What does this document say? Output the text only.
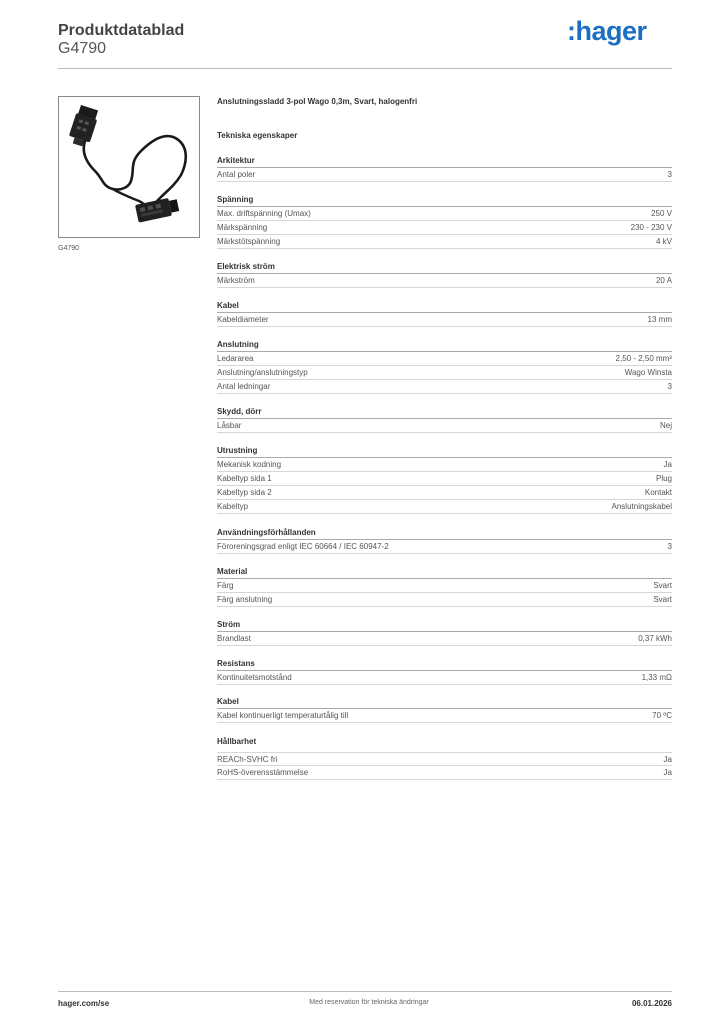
Produktdatablad
G4790
:hager
G4790
Anslutningssladd 3-pol Wago 0,3m, Svart, halogenfri
Tekniska egenskaper
Arkitektur
Antal poler	3
Spänning
Max. driftspänning (Umax)	250 V
Märkspänning	230 - 230 V
Märkstötspänning	4 kV
Elektrisk ström
Märkström	20 A
Kabel
Kabeldiameter	13 mm
Anslutning
Ledararea	2,50 - 2,50 mm²
Anslutning/anslutningstyp	Wago Winsta
Antal ledningar	3
Skydd, dörr
Låsbar	Nej
Utrustning
Mekanisk kodning	Ja
Kabeltyp sida 1	Plug
Kabeltyp sida 2	Kontakt
Kabeltyp	Anslutningskabel
Användningsförhållanden
Föroreningsgrad enligt IEC 60664 / IEC 60947-2	3
Material
Färg	Svart
Färg anslutning	Svart
Ström
Brandlast	0,37 kWh
Resistans
Kontinuitetsmotstånd	1,33 mΩ
Kabel
Kabel kontinuerligt temperaturtålig till	70 ºC
Hållbarhet
REACh-SVHC fri	Ja
RoHS-överensstämmelse	Ja
hager.com/se	Med reservation för tekniska ändringar	06.01.2026
